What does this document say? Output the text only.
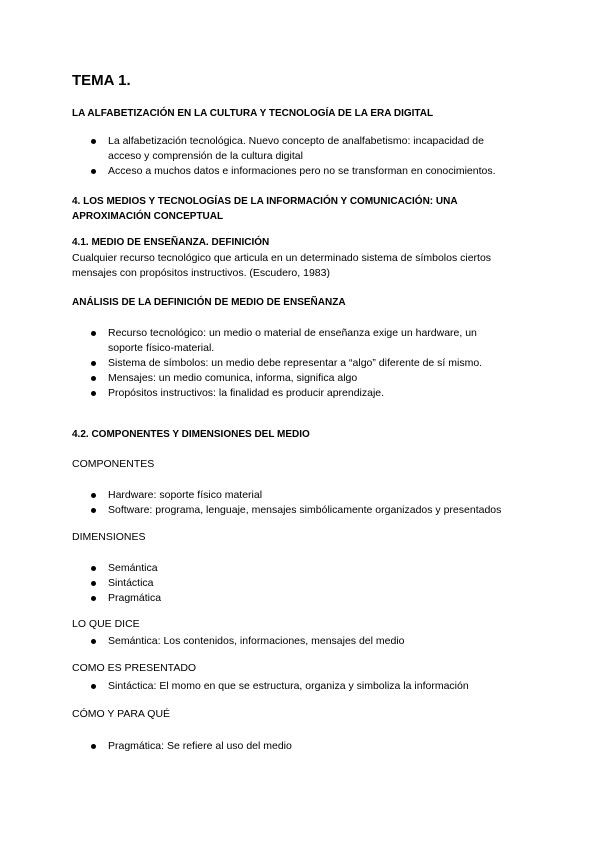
TEMA 1.
LA ALFABETIZACIÓN EN LA CULTURA Y TECNOLOGÍA DE LA ERA DIGITAL
La alfabetización tecnológica. Nuevo concepto de analfabetismo: incapacidad de
acceso y comprensión de la cultura digital
Acceso a muchos datos e informaciones pero no se transforman en conocimientos.
4. LOS MEDIOS Y TECNOLOGÍAS DE LA INFORMACIÓN Y COMUNICACIÓN: UNA
APROXIMACIÓN CONCEPTUAL
4.1. MEDIO DE ENSEÑANZA. DEFINICIÓN
Cualquier recurso tecnológico que articula en un determinado sistema de símbolos ciertos
mensajes con propósitos instructivos. (Escudero, 1983)
ANÁLISIS DE LA DEFINICIÓN DE MEDIO DE ENSEÑANZA
Recurso tecnológico: un medio o material de enseñanza exige un hardware, un
soporte físico-material.
Sistema de símbolos: un medio debe representar a “algo” diferente de sí mismo.
Mensajes: un medio comunica, informa, significa algo
Propósitos instructivos: la finalidad es producir aprendizaje.
4.2. COMPONENTES Y DIMENSIONES DEL MEDIO
COMPONENTES
Hardware: soporte físico material
Software: programa, lenguaje, mensajes simbólicamente organizados y presentados
DIMENSIONES
Semántica
Sintáctica
Pragmática
LO QUE DICE
Semántica: Los contenidos, informaciones, mensajes del medio
COMO ES PRESENTADO
Sintáctica: El momo en que se estructura, organiza y simboliza la información
CÓMO Y PARA QUÉ
Pragmática: Se refiere al uso del medio
